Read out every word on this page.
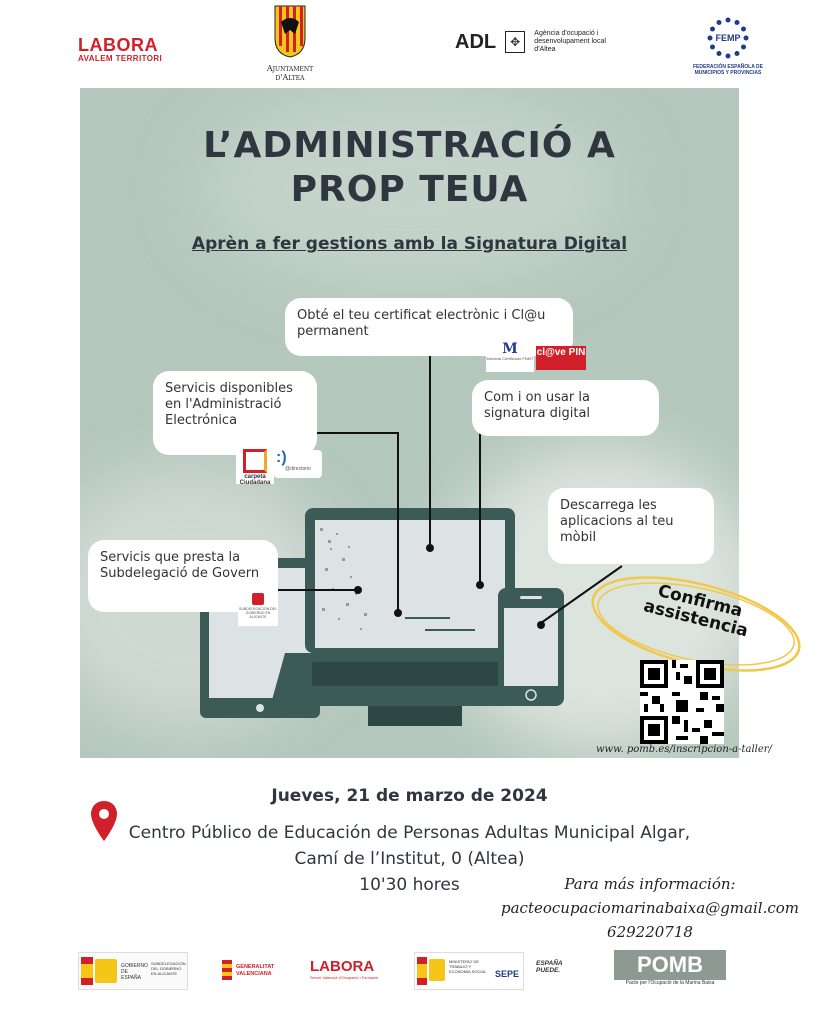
LABORA
AVALEM TERRITORI
Ajuntament
d'Altea
ADL ✥ Agència d'ocupació i desenvolupament local d'Altea
FEMP
FEDERACIÓN ESPAÑOLA DE MUNICIPIOS Y PROVINCIAS
L’ADMINISTRACIÓ A
PROP TEUA
Aprèn a fer gestions amb la Signatura Digital
Obté el teu certificat electrònic i Cl@u permanent
Servicis disponibles en l'Administració Electrónica
Com i on usar la signatura digital
Descarrega les aplicacions al teu mòbil
Servicis que presta la Subdelegació de Govern
M
Moneda Certificado FNMT
cl@ve PIN
carpeta Ciudadana
:)
@directorio
SUBDELEGACIÓN DEL GOBIERNO EN ALICANTE	Confirma assistencia
www. pomb.es/inscripcion-a-taller/
Jueves, 21 de marzo de 2024
Centro Público de Educación de Personas Adultas Municipal Algar,
Camí de l’Institut, 0 (Altea)
10'30 hores	Para más información:
pacteocupaciomarinabaixa@gmail.com
629220718
GOBIERNO DE ESPAÑA
SUBDELEGACIÓN DEL GOBIERNO EN ALICANTE
GENERALITAT VALENCIANA	LABORA
Servei Valencià d'Ocupació i Formació
MINISTERIO DE TRABAJO Y ECONOMÍA SOCIAL SEPE
ESPAÑA PUEDE.	POMB
Pacte per l'Ocupació de la Marina Baixa
